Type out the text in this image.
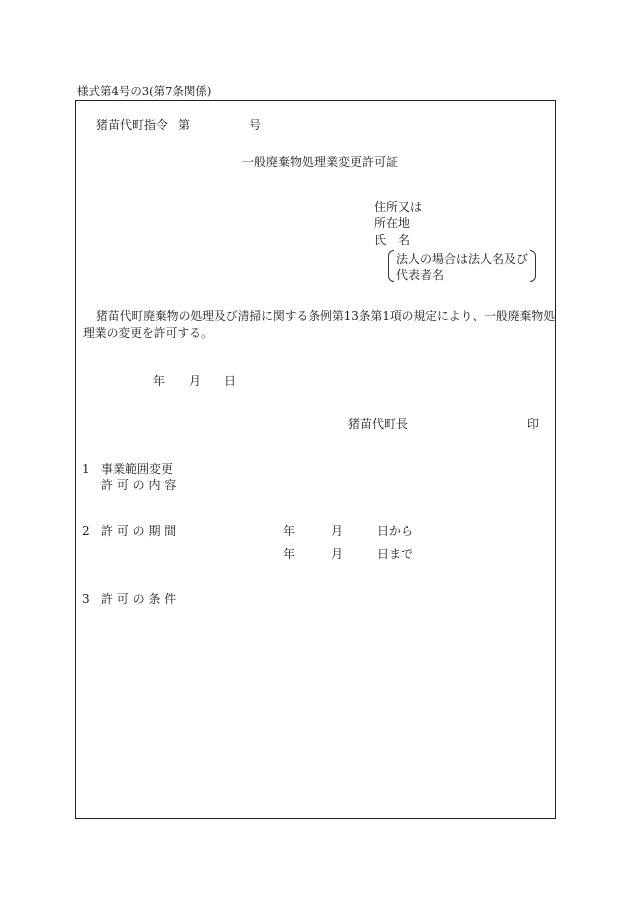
様式第4号の3(第7条関係)
猪苗代町指令 第	号
一般廃棄物処理業変更許可証
住所又は
所在地
氏　名
法人の場合は法人名及び
代表者名
猪苗代町廃棄物の処理及び清掃に関する条例第13条第1項の規定により、一般廃棄物処
理業の変更を許可する。
年 月 日
猪苗代町長	印
1 事業範囲変更
許 可 の 内 容
2 許 可 の 期 間	年	月	日から
年	月	日まで
3 許 可 の 条 件
